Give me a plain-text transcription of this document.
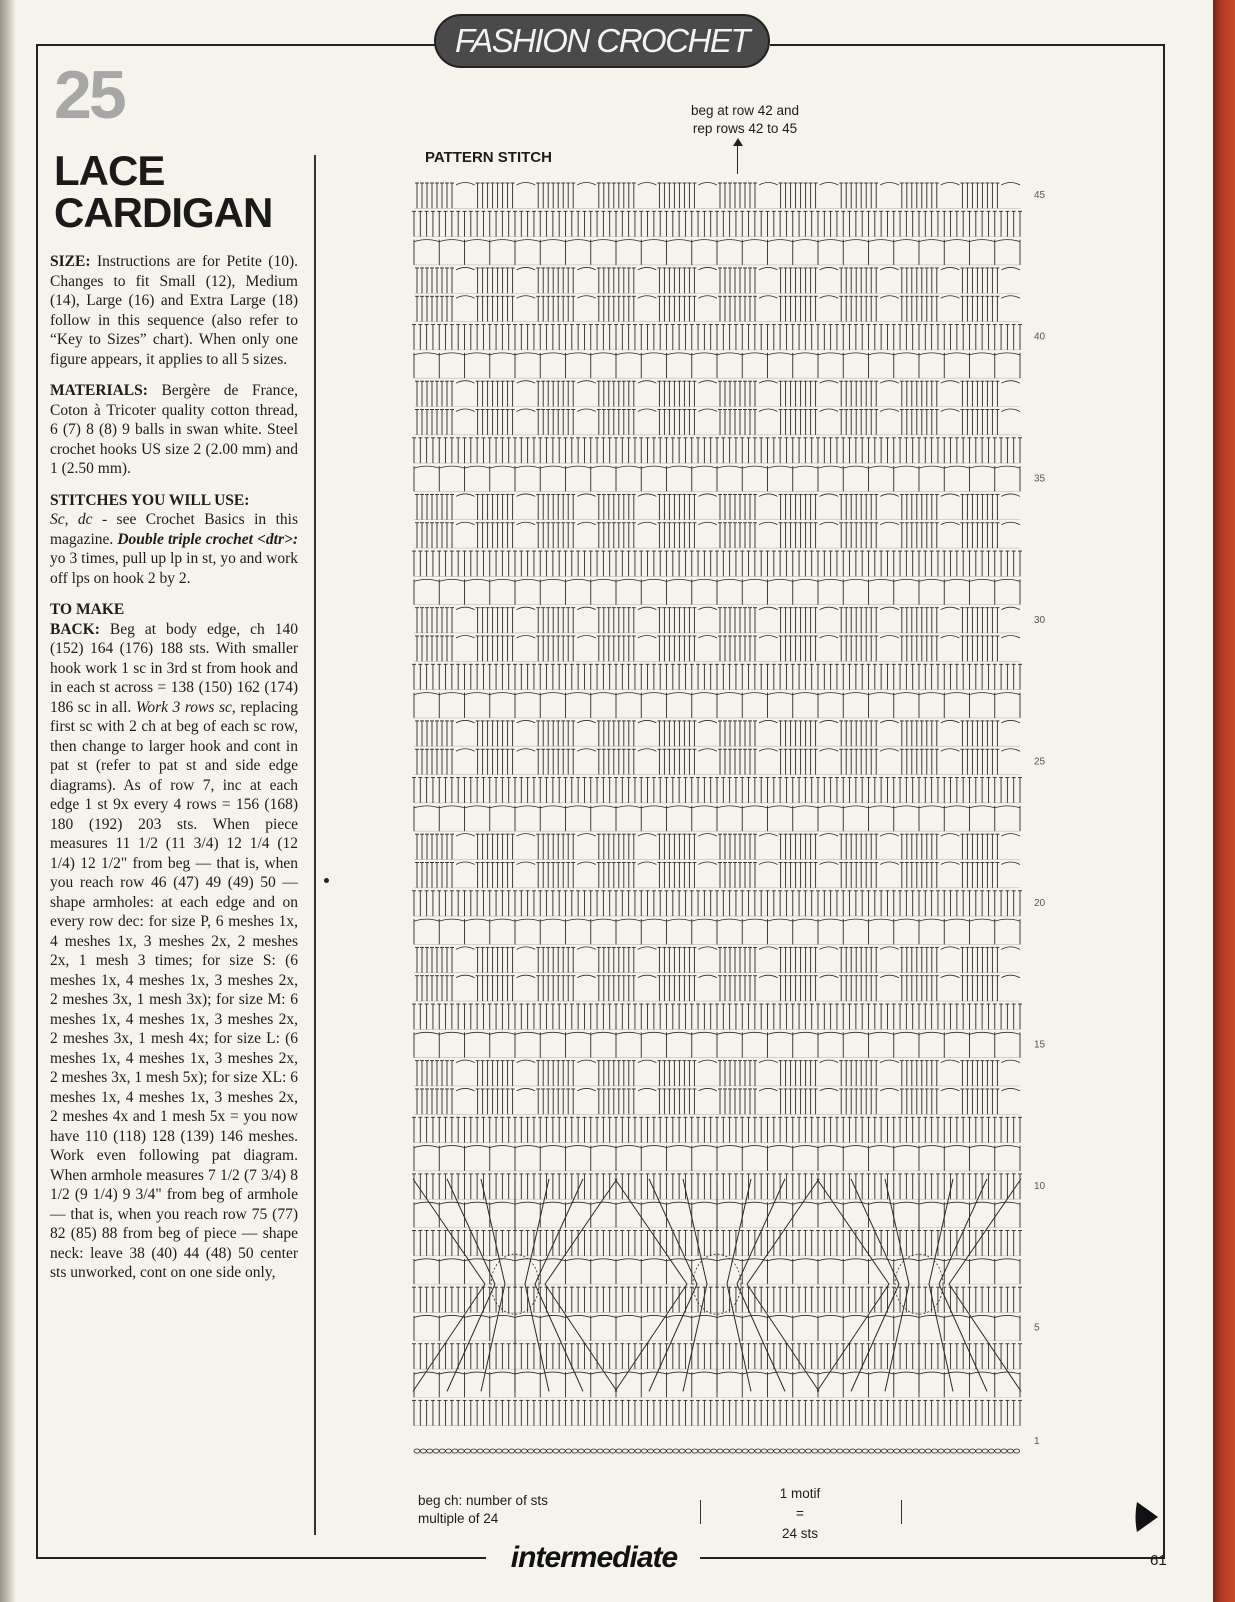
FASHION CROCHET
25
LACE
CARDIGAN

SIZE: Instructions are for Petite (10). Changes to fit Small (12), Medium (14), Large (16) and Extra Large (18) follow in this sequence (also refer to “Key to Sizes” chart). When only one figure appears, it applies to all 5 sizes.

MATERIALS: Bergère de France, Coton à Tricoter quality cotton thread, 6 (7) 8 (8) 9 balls in swan white. Steel crochet hooks US size 2 (2.00 mm) and 1 (2.50 mm).

STITCHES YOU WILL USE:
Sc, dc - see Crochet Basics in this magazine. Double triple crochet <dtr>: yo 3 times, pull up lp in st, yo and work off lps on hook 2 by 2.

TO MAKE
BACK: Beg at body edge, ch 140 (152) 164 (176) 188 sts. With smaller hook work 1 sc in 3rd st from hook and in each st across = 138 (150) 162 (174) 186 sc in all. Work 3 rows sc, replacing first sc with 2 ch at beg of each sc row, then change to larger hook and cont in pat st (refer to pat st and side edge diagrams). As of row 7, inc at each edge 1 st 9x every 4 rows = 156 (168) 180 (192) 203 sts. When piece measures 11 1/2 (11 3/4) 12 1/4 (12 1/4) 12 1/2" from beg — that is, when you reach row 46 (47) 49 (49) 50 — shape armholes: at each edge and on every row dec: for size P, 6 meshes 1x, 4 meshes 1x, 3 meshes 2x, 2 meshes 2x, 1 mesh 3 times; for size S: (6 meshes 1x, 4 meshes 1x, 3 meshes 2x, 2 meshes 3x, 1 mesh 3x); for size M: 6 meshes 1x, 4 meshes 1x, 3 meshes 2x, 2 meshes 3x, 1 mesh 4x; for size L: (6 meshes 1x, 4 meshes 1x, 3 meshes 2x, 2 meshes 3x, 1 mesh 5x); for size XL: 6 meshes 1x, 4 meshes 1x, 3 meshes 2x, 2 meshes 4x and 1 mesh 5x = you now have 110 (118) 128 (139) 146 meshes. Work even following pat diagram. When armhole measures 7 1/2 (7 3/4) 8 1/2 (9 1/4) 9 3/4" from beg of armhole — that is, when you reach row 75 (77) 82 (85) 88 from beg of piece — shape neck: leave 38 (40) 44 (48) 50 center sts unworked, cont on one side only,

PATTERN STITCH
beg at row 42 and rep rows 42 to 45
45
40
35
30
25
20
15
10
5
1
beg ch: number of sts multiple of 24
1 motif
=
24 sts
intermediate	61
